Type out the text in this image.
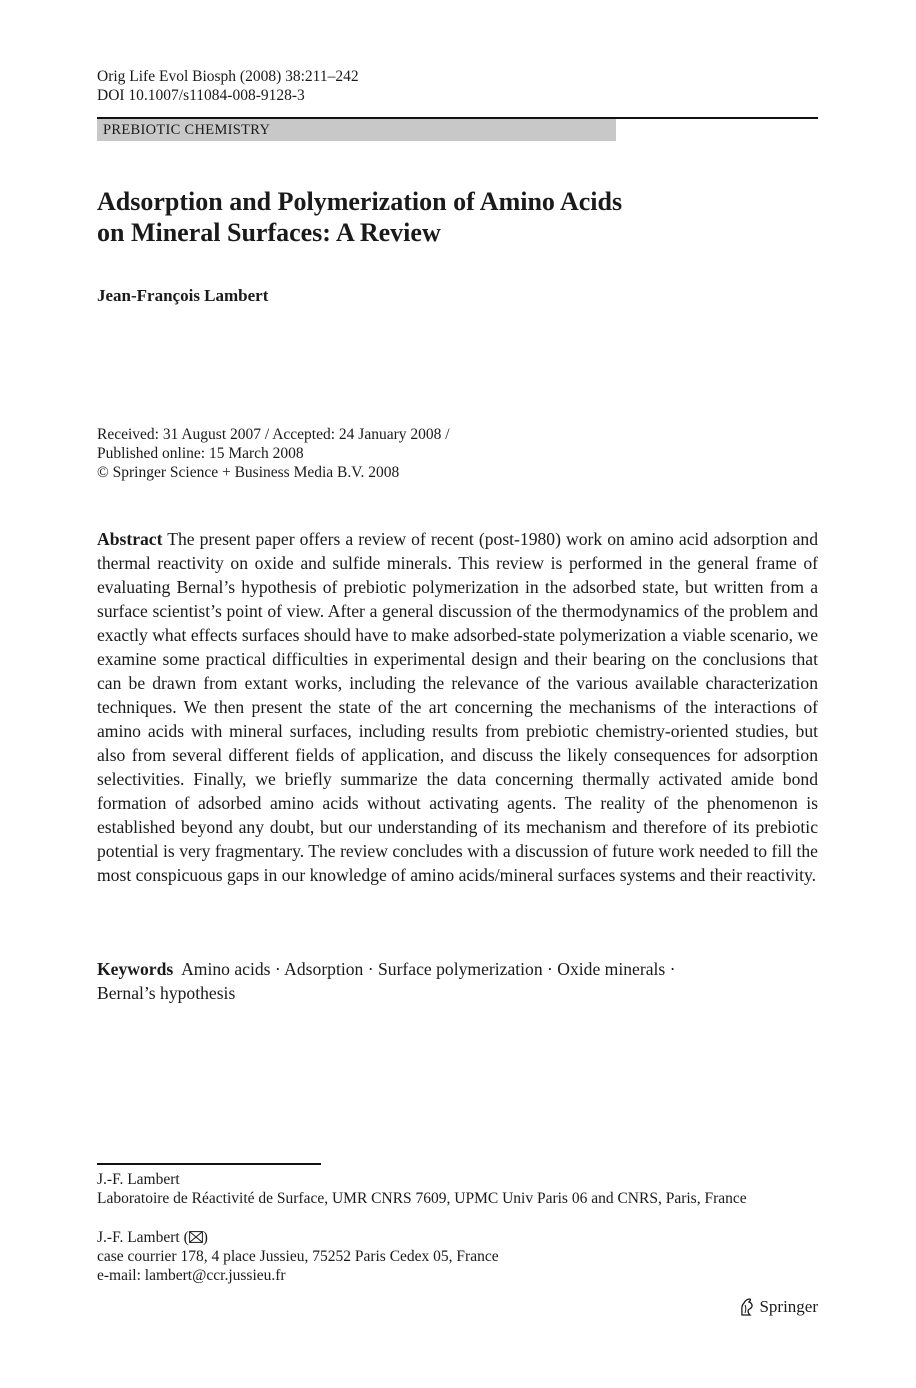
Orig Life Evol Biosph (2008) 38:211–242
DOI 10.1007/s11084-008-9128-3
PREBIOTIC CHEMISTRY
Adsorption and Polymerization of Amino Acids
on Mineral Surfaces: A Review
Jean-François Lambert
Received: 31 August 2007 / Accepted: 24 January 2008 /
Published online: 15 March 2008
© Springer Science + Business Media B.V. 2008
Abstract The present paper offers a review of recent (post-1980) work on amino acid adsorption and thermal reactivity on oxide and sulfide minerals. This review is performed in the general frame of evaluating Bernal’s hypothesis of prebiotic polymerization in the adsorbed state, but written from a surface scientist’s point of view. After a general discussion of the thermodynamics of the problem and exactly what effects surfaces should have to make adsorbed-state polymerization a viable scenario, we examine some practical difficulties in experimental design and their bearing on the conclusions that can be drawn from extant works, including the relevance of the various available characterization techniques. We then present the state of the art concerning the mechanisms of the interactions of amino acids with mineral surfaces, including results from prebiotic chemistry-oriented studies, but also from several different fields of application, and discuss the likely consequences for adsorption selectivities. Finally, we briefly summarize the data concerning thermally activated amide bond formation of adsorbed amino acids without activating agents. The reality of the phenomenon is established beyond any doubt, but our understanding of its mechanism and therefore of its prebiotic potential is very fragmentary. The review concludes with a discussion of future work needed to fill the most conspicuous gaps in our knowledge of amino acids/mineral surfaces systems and their reactivity.
Keywords Amino acids · Adsorption · Surface polymerization · Oxide minerals ·
Bernal’s hypothesis
J.-F. Lambert
Laboratoire de Réactivité de Surface, UMR CNRS 7609, UPMC Univ Paris 06 and CNRS, Paris, France
J.-F. Lambert ( )
case courrier 178, 4 place Jussieu, 75252 Paris Cedex 05, France
e-mail: lambert@ccr.jussieu.fr
Springer
